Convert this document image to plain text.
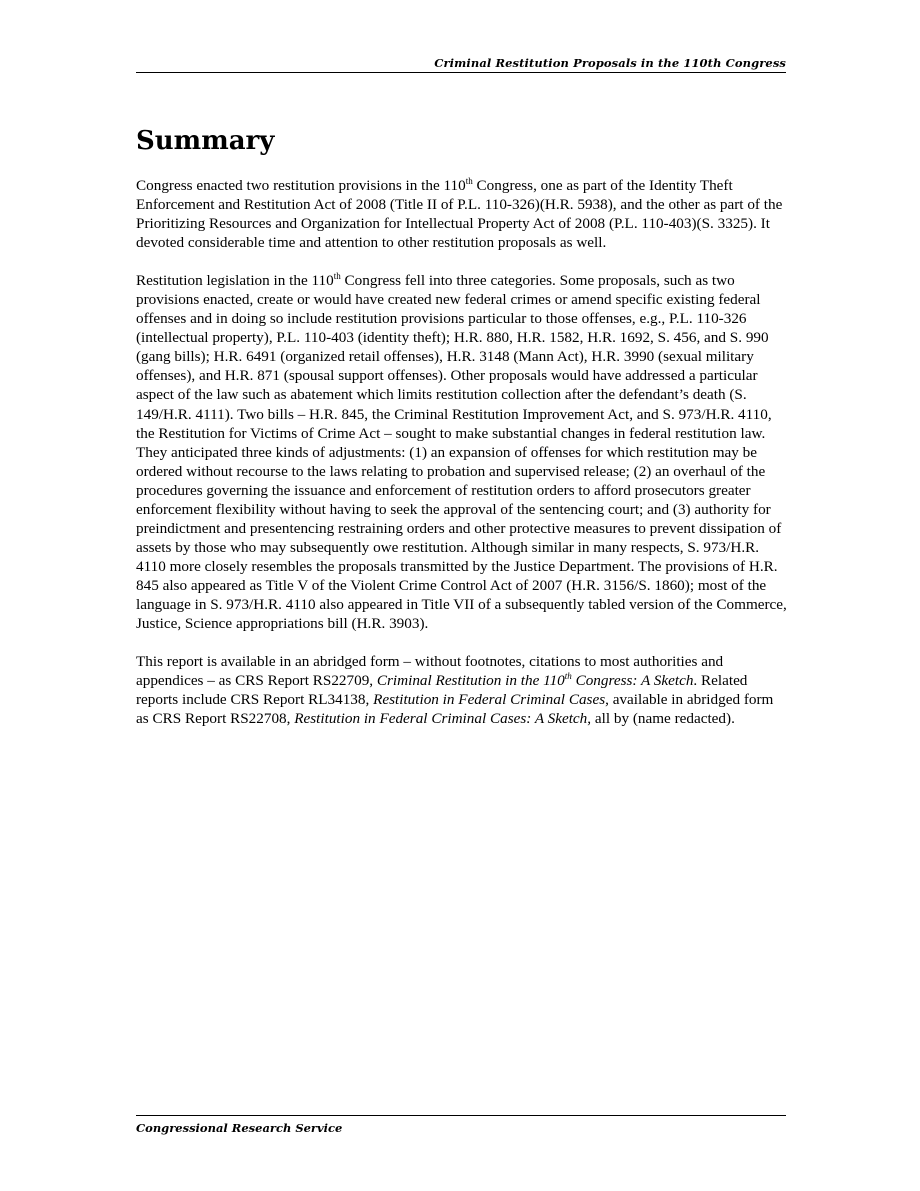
Criminal Restitution Proposals in the 110th Congress
Summary

Congress enacted two restitution provisions in the 110th Congress, one as part of the Identity Theft Enforcement and Restitution Act of 2008 (Title II of P.L. 110-326)(H.R. 5938), and the other as part of the Prioritizing Resources and Organization for Intellectual Property Act of 2008 (P.L. 110-403)(S. 3325). It devoted considerable time and attention to other restitution proposals as well.

Restitution legislation in the 110th Congress fell into three categories. Some proposals, such as two provisions enacted, create or would have created new federal crimes or amend specific existing federal offenses and in doing so include restitution provisions particular to those offenses, e.g., P.L. 110-326 (intellectual property), P.L. 110-403 (identity theft); H.R. 880, H.R. 1582, H.R. 1692, S. 456, and S. 990 (gang bills); H.R. 6491 (organized retail offenses), H.R. 3148 (Mann Act), H.R. 3990 (sexual military offenses), and H.R. 871 (spousal support offenses). Other proposals would have addressed a particular aspect of the law such as abatement which limits restitution collection after the defendant’s death (S. 149/H.R. 4111). Two bills – H.R. 845, the Criminal Restitution Improvement Act, and S. 973/H.R. 4110, the Restitution for Victims of Crime Act – sought to make substantial changes in federal restitution law. They anticipated three kinds of adjustments: (1) an expansion of offenses for which restitution may be ordered without recourse to the laws relating to probation and supervised release; (2) an overhaul of the procedures governing the issuance and enforcement of restitution orders to afford prosecutors greater enforcement flexibility without having to seek the approval of the sentencing court; and (3) authority for preindictment and presentencing restraining orders and other protective measures to prevent dissipation of assets by those who may subsequently owe restitution. Although similar in many respects, S. 973/H.R. 4110 more closely resembles the proposals transmitted by the Justice Department. The provisions of H.R. 845 also appeared as Title V of the Violent Crime Control Act of 2007 (H.R. 3156/S. 1860); most of the language in S. 973/H.R. 4110 also appeared in Title VII of a subsequently tabled version of the Commerce, Justice, Science appropriations bill (H.R. 3903).

This report is available in an abridged form – without footnotes, citations to most authorities and appendices – as CRS Report RS22709, Criminal Restitution in the 110th Congress: A Sketch. Related reports include CRS Report RL34138, Restitution in Federal Criminal Cases, available in abridged form as CRS Report RS22708, Restitution in Federal Criminal Cases: A Sketch, all by (name redacted).

Congressional Research Service
